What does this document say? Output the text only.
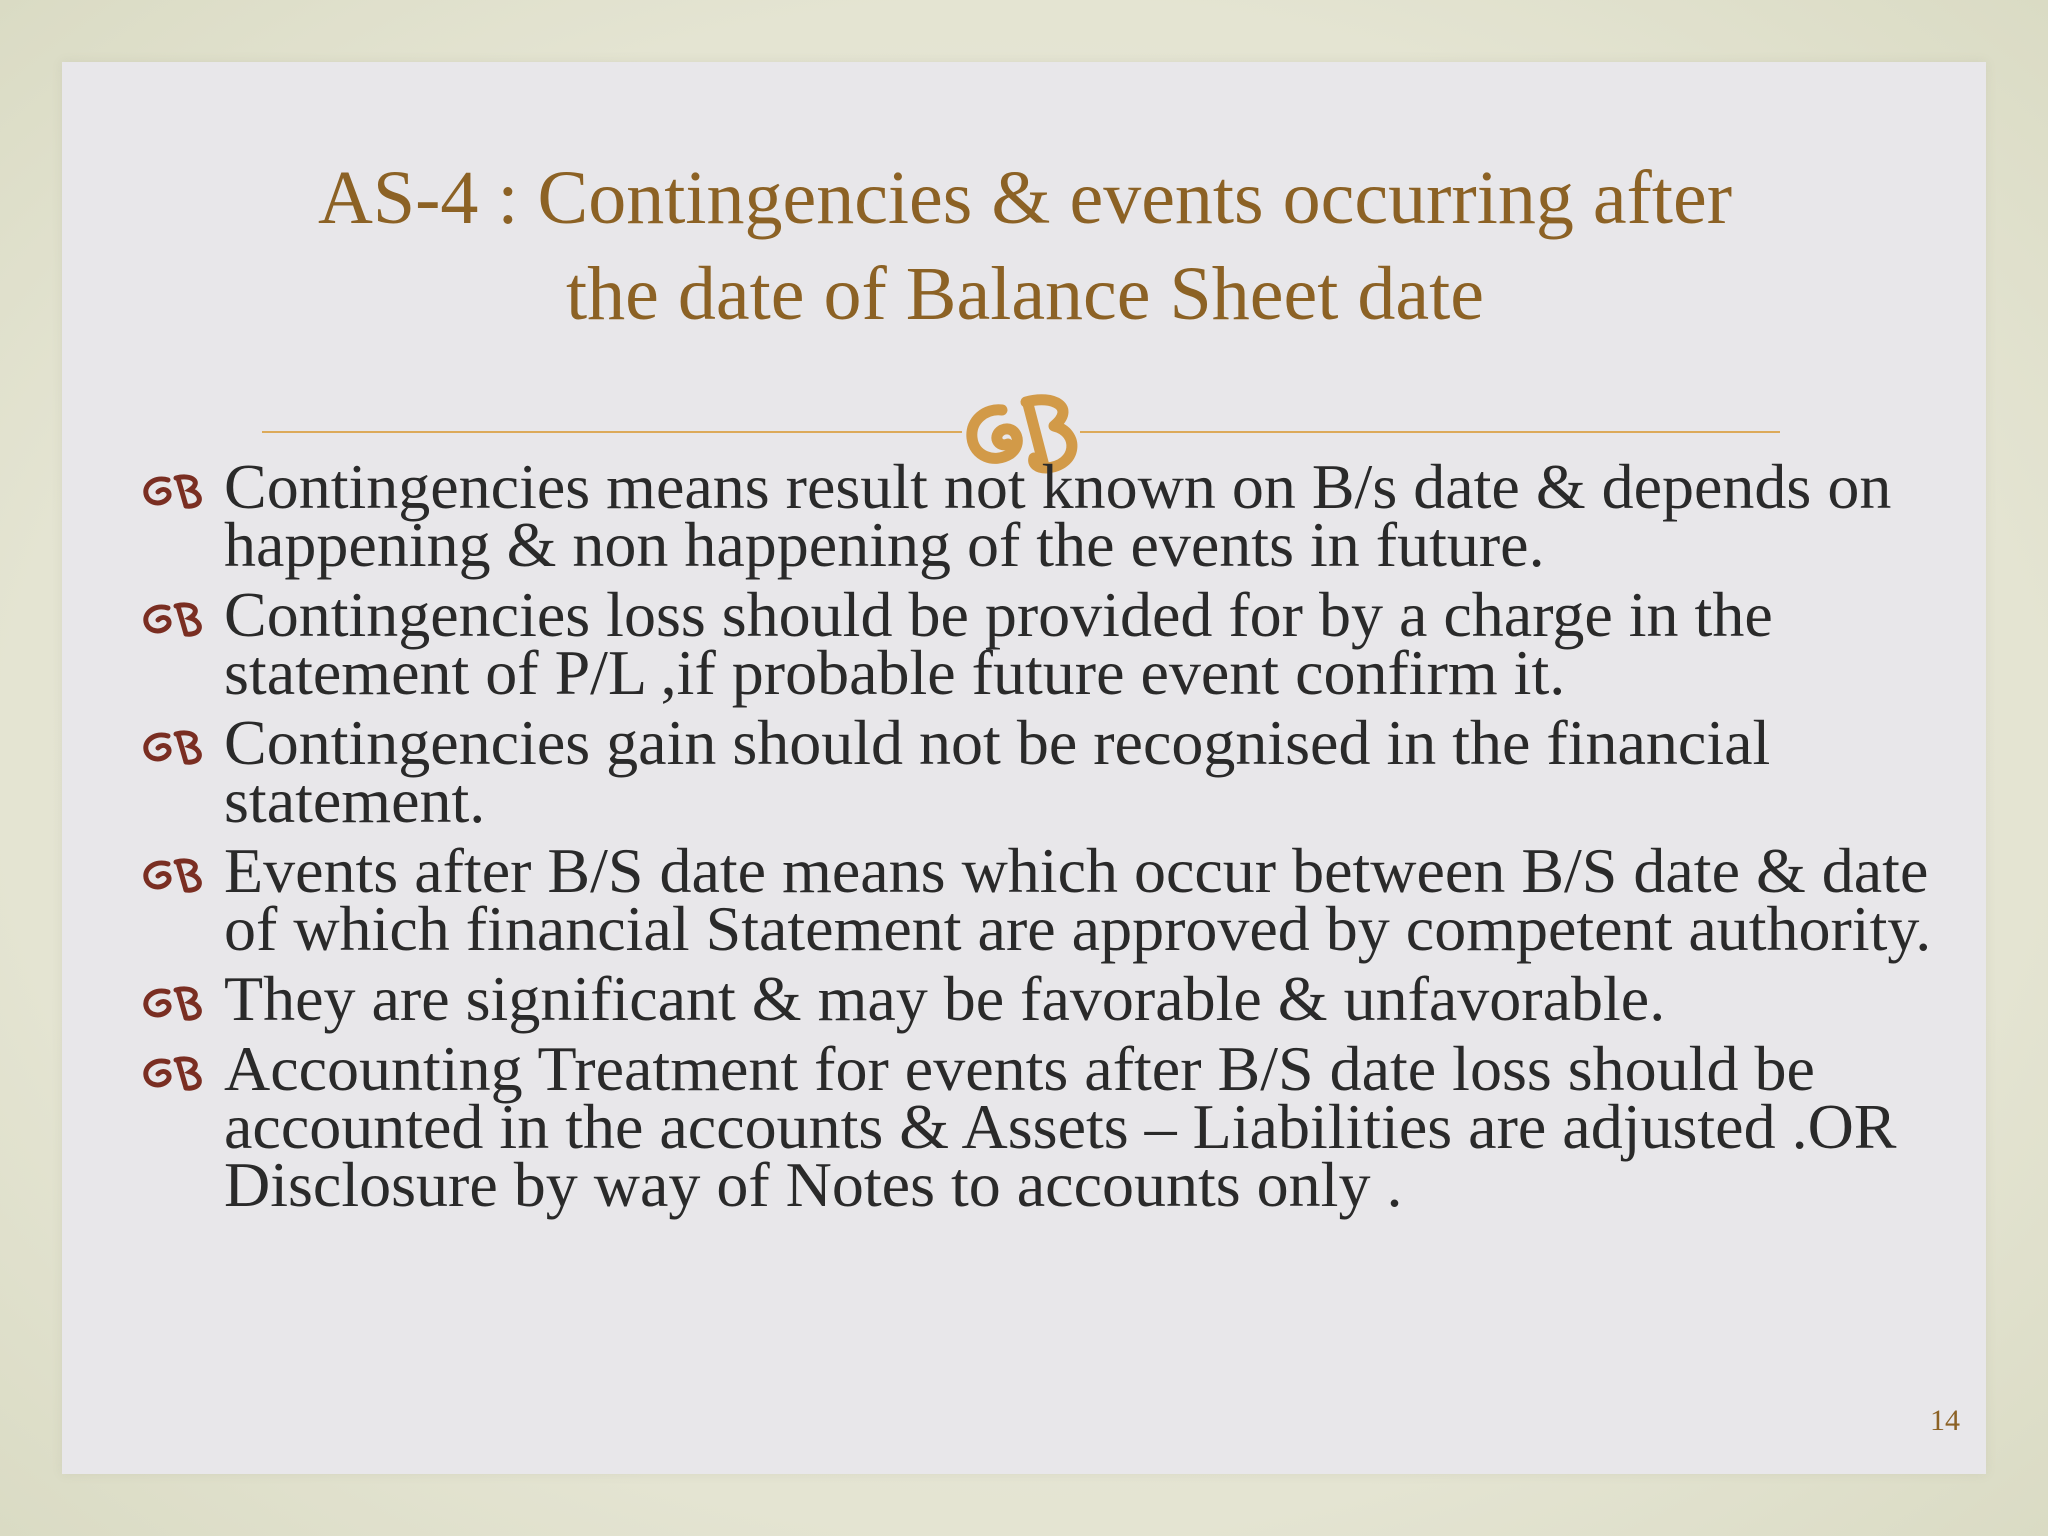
AS-4 : Contingencies & events occurring after
the date of Balance Sheet date
Contingencies means result not known on B/s date & depends on happening & non happening of the events in future.
Contingencies loss should be provided for by a charge in the statement of P/L ,if probable future event confirm it.
Contingencies gain should not be recognised in the financial statement.
Events after B/S date means which occur between B/S date & date of which financial Statement are approved by competent authority.
They are significant & may be favorable & unfavorable.
Accounting Treatment for events after B/S date loss should be accounted in the accounts & Assets – Liabilities are adjusted .OR Disclosure by way of Notes to accounts only .
14
